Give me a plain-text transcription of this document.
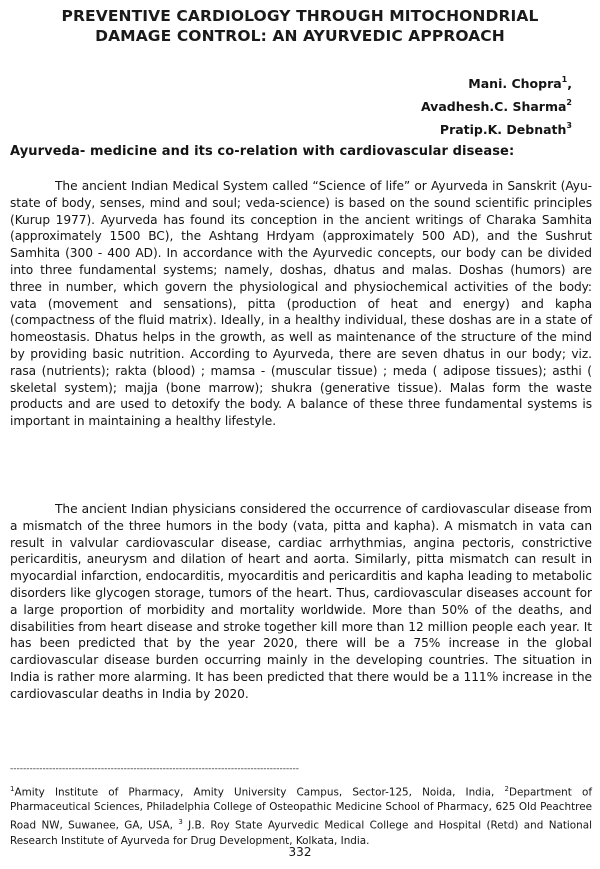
PREVENTIVE CARDIOLOGY THROUGH MITOCHONDRIAL
DAMAGE CONTROL: AN AYURVEDIC APPROACH
Mani. Chopra$^1$,
Avadhesh.C. Sharma$^2$
Pratip.K. Debnath$^3$
Ayurveda- medicine and its co-relation with cardiovascular disease:

The ancient Indian Medical System called “Science of life” or Ayurveda in Sanskrit (Ayu-state of body, senses, mind and soul; veda-science) is based on the sound scientific principles (Kurup 1977). Ayurveda has found its conception in the ancient writings of Charaka Samhita (approximately 1500 BC), the Ashtang Hrdyam (approximately 500 AD), and the Sushrut Samhita (300 - 400 AD). In accordance with the Ayurvedic concepts, our body can be divided into three fundamental systems; namely, doshas, dhatus and malas. Doshas (humors) are three in number, which govern the physiological and physiochemical activities of the body: vata (movement and sensations), pitta (production of heat and energy) and kapha (compactness of the fluid matrix). Ideally, in a healthy individual, these doshas are in a state of homeostasis. Dhatus helps in the growth, as well as maintenance of the structure of the mind by providing basic nutrition. According to Ayurveda, there are seven dhatus in our body; viz. rasa (nutrients); rakta (blood) ; mamsa - (muscular tissue) ; meda ( adipose tissues); asthi ( skeletal system); majja (bone marrow); shukra (generative tissue). Malas form the waste products and are used to detoxify the body. A balance of these three fundamental systems is important in maintaining a healthy lifestyle.

The ancient Indian physicians considered the occurrence of cardiovascular disease from a mismatch of the three humors in the body (vata, pitta and kapha). A mismatch in vata can result in valvular cardiovascular disease, cardiac arrhythmias, angina pectoris, constrictive pericarditis, aneurysm and dilation of heart and aorta. Similarly, pitta mismatch can result in myocardial infarction, endocarditis, myocarditis and pericarditis and kapha leading to metabolic disorders like glycogen storage, tumors of the heart. Thus, cardiovascular diseases account for a large proportion of morbidity and mortality worldwide. More than 50% of the deaths, and disabilities from heart disease and stroke together kill more than 12 million people each year. It has been predicted that by the year 2020, there will be a 75% increase in the global cardiovascular disease burden occurring mainly in the developing countries. The situation in India is rather more alarming. It has been predicted that there would be a 111% increase in the cardiovascular deaths in India by 2020.

-----------------------------------------------------------------------------------------
$^1$Amity Institute of Pharmacy, Amity University Campus, Sector-125, Noida, India, $^2$Department of Pharmaceutical Sciences, Philadelphia College of Osteopathic Medicine School of Pharmacy, 625 Old Peachtree Road NW, Suwanee, GA, USA, $^3$ J.B. Roy State Ayurvedic Medical College and Hospital (Retd) and National Research Institute of Ayurveda for Drug Development, Kolkata, India.
332
